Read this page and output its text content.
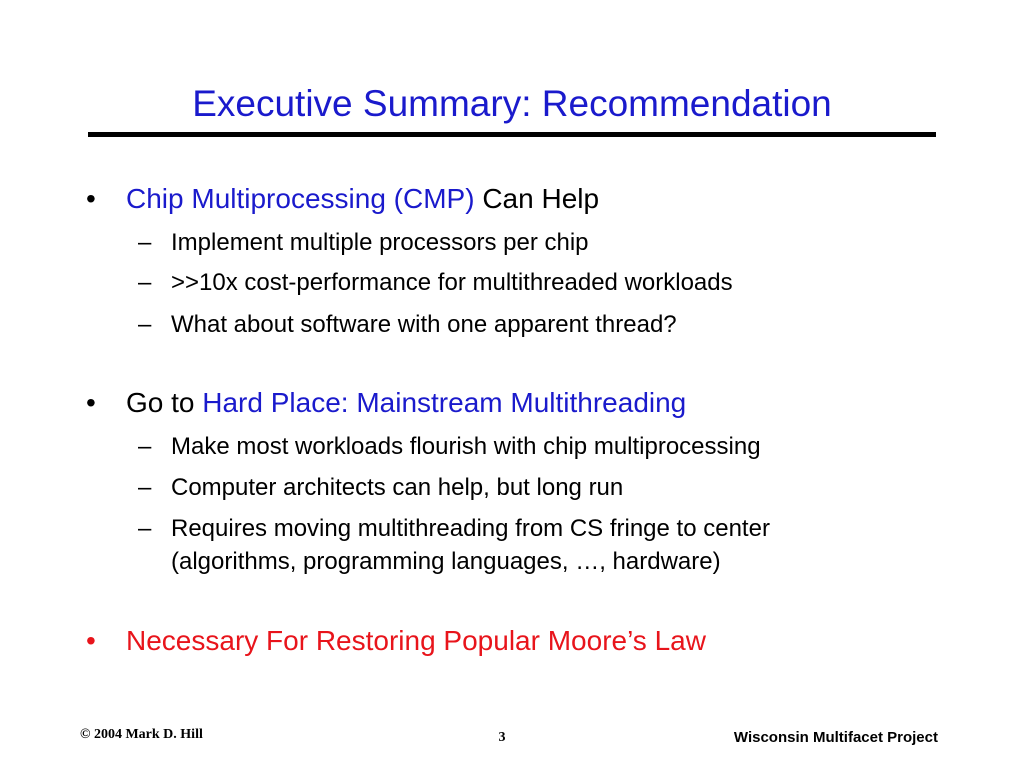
Executive Summary: Recommendation
• Chip Multiprocessing (CMP) Can Help
– Implement multiple processors per chip
– >>10x cost-performance for multithreaded workloads
– What about software with one apparent thread?
• Go to Hard Place: Mainstream Multithreading
– Make most workloads flourish with chip multiprocessing
– Computer architects can help, but long run
– Requires moving multithreading from CS fringe to center
(algorithms, programming languages, …, hardware)
• Necessary For Restoring Popular Moore’s Law
© 2004 Mark D. Hill	3	Wisconsin Multifacet Project
